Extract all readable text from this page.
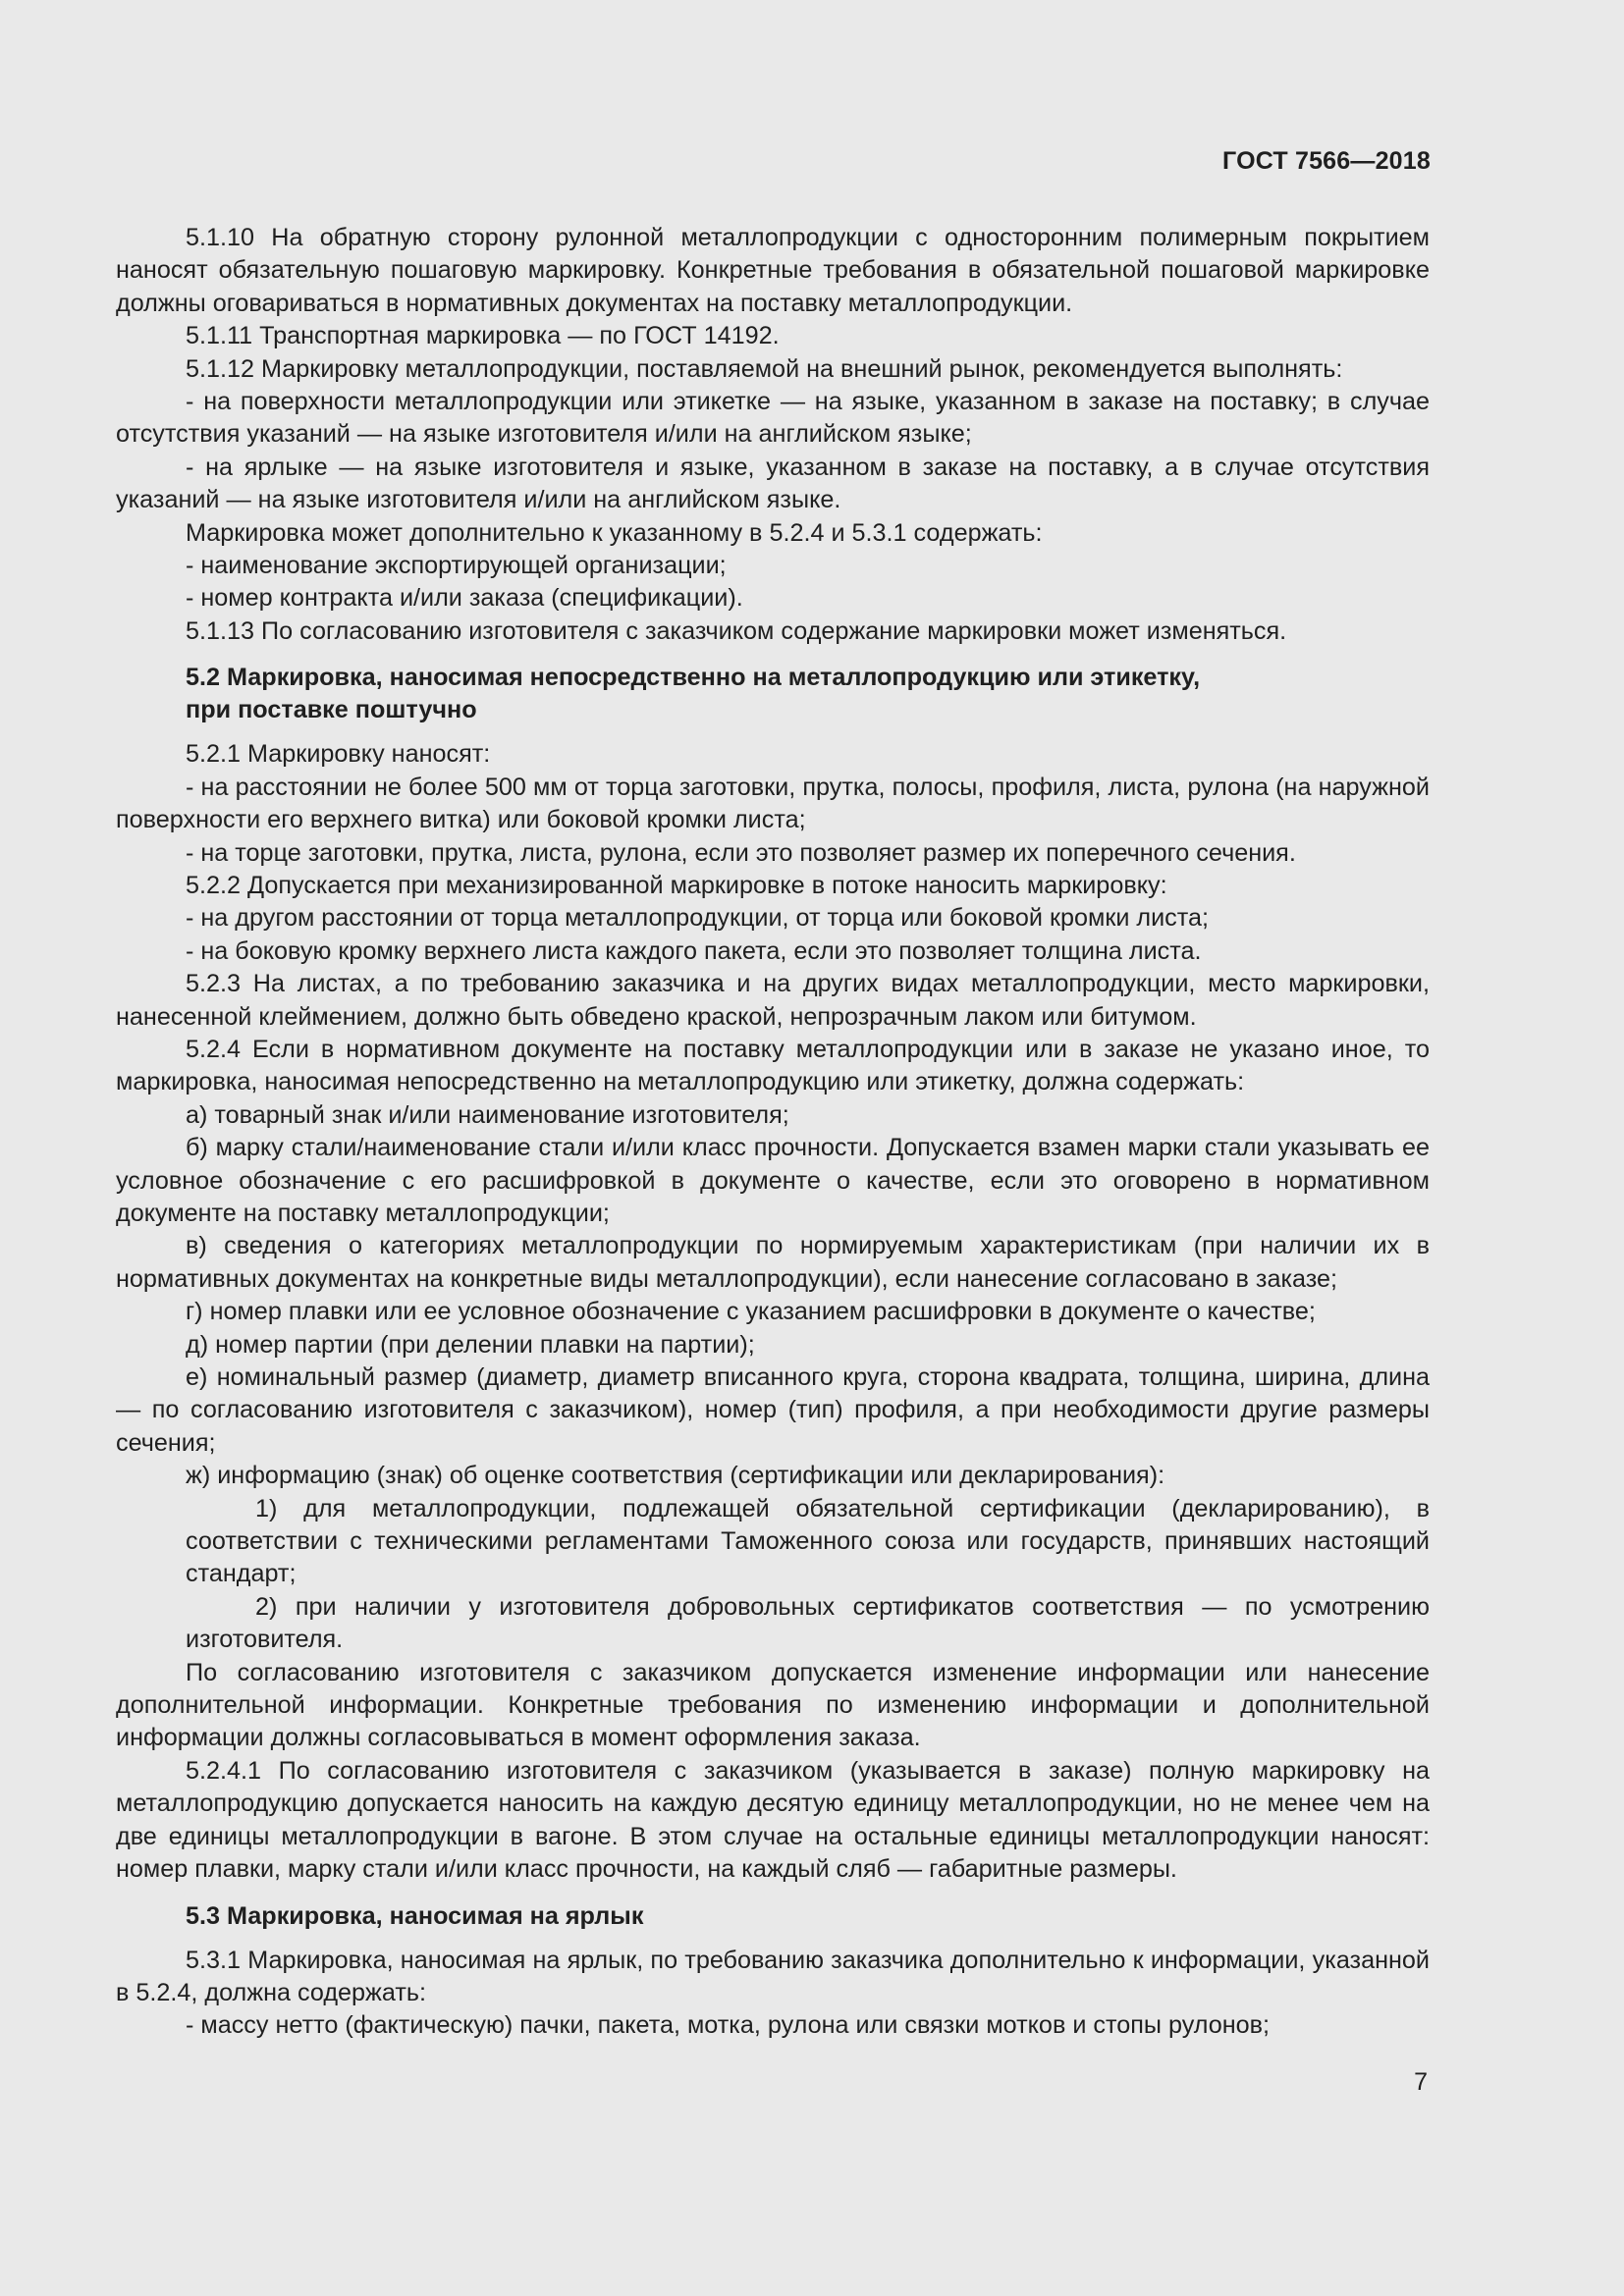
ГОСТ 7566—2018

5.1.10 На обратную сторону рулонной металлопродукции с односторонним полимерным покрытием наносят обязательную пошаговую маркировку. Конкретные требования в обязательной пошаговой маркировке должны оговариваться в нормативных документах на поставку металлопродукции.

5.1.11 Транспортная маркировка — по ГОСТ 14192.

5.1.12 Маркировку металлопродукции, поставляемой на внешний рынок, рекомендуется выполнять:

- на поверхности металлопродукции или этикетке — на языке, указанном в заказе на поставку; в случае отсутствия указаний — на языке изготовителя и/или на английском языке;

- на ярлыке — на языке изготовителя и языке, указанном в заказе на поставку, а в случае отсутствия указаний — на языке изготовителя и/или на английском языке.

Маркировка может дополнительно к указанному в 5.2.4 и 5.3.1 содержать:

- наименование экспортирующей организации;

- номер контракта и/или заказа (спецификации).

5.1.13 По согласованию изготовителя с заказчиком содержание маркировки может изменяться.

5.2 Маркировка, наносимая непосредственно на металлопродукцию или этикетку,
при поставке поштучно

5.2.1 Маркировку наносят:

- на расстоянии не более 500 мм от торца заготовки, прутка, полосы, профиля, листа, рулона (на наружной поверхности его верхнего витка) или боковой кромки листа;

- на торце заготовки, прутка, листа, рулона, если это позволяет размер их поперечного сечения.

5.2.2 Допускается при механизированной маркировке в потоке наносить маркировку:

- на другом расстоянии от торца металлопродукции, от торца или боковой кромки листа;

- на боковую кромку верхнего листа каждого пакета, если это позволяет толщина листа.

5.2.3 На листах, а по требованию заказчика и на других видах металлопродукции, место маркировки, нанесенной клеймением, должно быть обведено краской, непрозрачным лаком или битумом.

5.2.4 Если в нормативном документе на поставку металлопродукции или в заказе не указано иное, то маркировка, наносимая непосредственно на металлопродукцию или этикетку, должна содержать:

а) товарный знак и/или наименование изготовителя;

б) марку стали/наименование стали и/или класс прочности. Допускается взамен марки стали указывать ее условное обозначение с его расшифровкой в документе о качестве, если это оговорено в нормативном документе на поставку металлопродукции;

в) сведения о категориях металлопродукции по нормируемым характеристикам (при наличии их в нормативных документах на конкретные виды металлопродукции), если нанесение согласовано в заказе;

г) номер плавки или ее условное обозначение с указанием расшифровки в документе о качестве;

д) номер партии (при делении плавки на партии);

е) номинальный размер (диаметр, диаметр вписанного круга, сторона квадрата, толщина, ширина, длина — по согласованию изготовителя с заказчиком), номер (тип) профиля, а при необходимости другие размеры сечения;

ж) информацию (знак) об оценке соответствия (сертификации или декларирования):

1) для металлопродукции, подлежащей обязательной сертификации (декларированию), в соответствии с техническими регламентами Таможенного союза или государств, принявших настоящий стандарт;

2) при наличии у изготовителя добровольных сертификатов соответствия — по усмотрению изготовителя.

По согласованию изготовителя с заказчиком допускается изменение информации или нанесение дополнительной информации. Конкретные требования по изменению информации и дополнительной информации должны согласовываться в момент оформления заказа.

5.2.4.1 По согласованию изготовителя с заказчиком (указывается в заказе) полную маркировку на металлопродукцию допускается наносить на каждую десятую единицу металлопродукции, но не менее чем на две единицы металлопродукции в вагоне. В этом случае на остальные единицы металлопродукции наносят: номер плавки, марку стали и/или класс прочности, на каждый сляб — габаритные размеры.

5.3 Маркировка, наносимая на ярлык

5.3.1 Маркировка, наносимая на ярлык, по требованию заказчика дополнительно к информации, указанной в 5.2.4, должна содержать:

- массу нетто (фактическую) пачки, пакета, мотка, рулона или связки мотков и стопы рулонов;

7
